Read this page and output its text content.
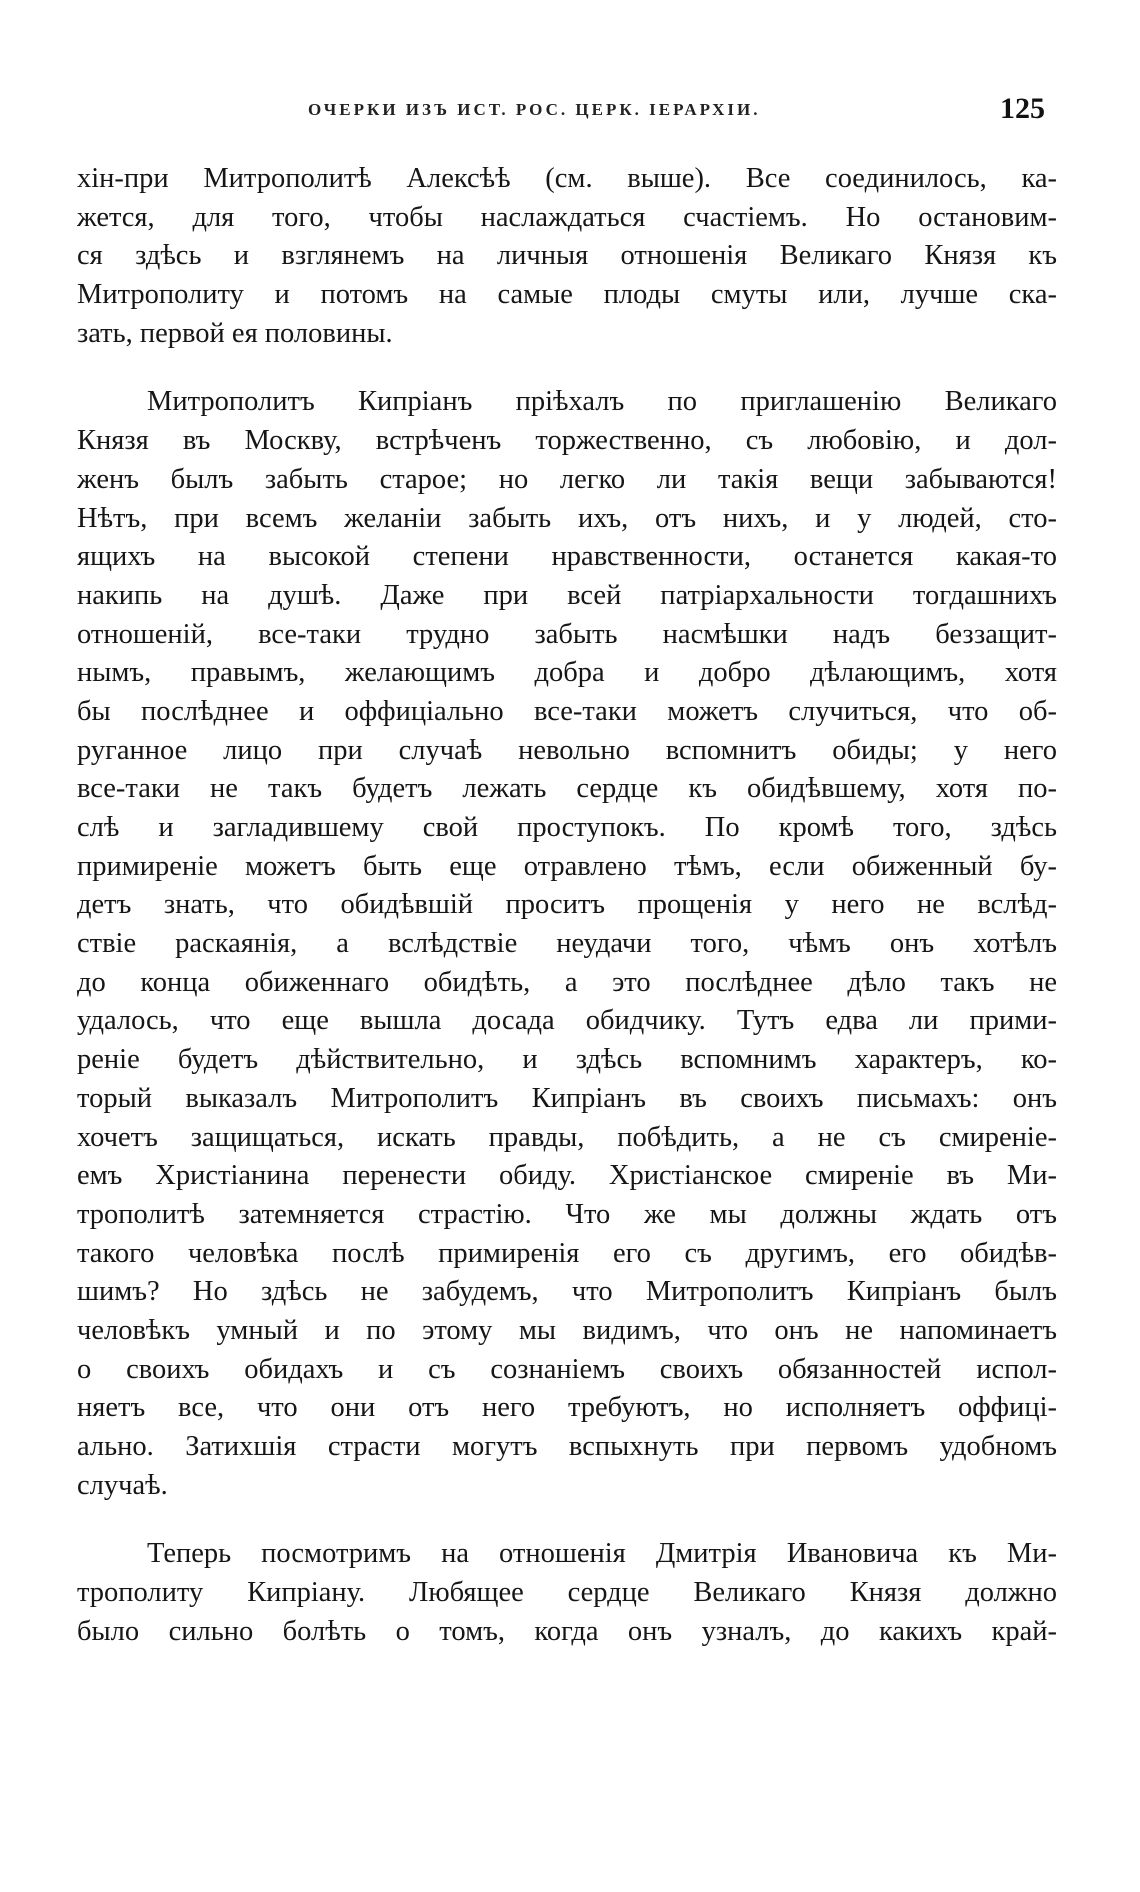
ОЧЕРКИ ИЗЪ ИСТ. РОС. ЦЕРК. ІЕРАРХІИ.	125
хін-при Митрополитѣ Алексѣѣ (см. выше). Все соединилось, ка-
жется, для того, чтобы наслаждаться счастіемъ. Но остановим-
ся здѣсь и взглянемъ на личныя отношенія Великаго Князя къ
Митрополиту и потомъ на самые плоды смуты или, лучше ска-
зать, первой ея половины.
Митрополитъ Кипріанъ пріѣхалъ по приглашенію Великаго
Князя въ Москву, встрѣченъ торжественно, съ любовію, и дол-
женъ былъ забыть старое; но легко ли такія вещи забываются!
Нѣтъ, при всемъ желаніи забыть ихъ, отъ нихъ, и у людей, сто-
ящихъ на высокой степени нравственности, останется какая-то
накипь на душѣ. Даже при всей патріархальности тогдашнихъ
отношеній, все-таки трудно забыть насмѣшки надъ беззащит-
нымъ, правымъ, желающимъ добра и добро дѣлающимъ, хотя
бы послѣднее и оффиціально все-таки можетъ случиться, что об-
руганное лицо при случаѣ невольно вспомнитъ обиды; у него
все-таки не такъ будетъ лежать сердце къ обидѣвшему, хотя по-
слѣ и загладившему свой проступокъ. По кромѣ того, здѣсь
примиреніе можетъ быть еще отравлено тѣмъ, если обиженный бу-
детъ знать, что обидѣвшій проситъ прощенія у него не вслѣд-
ствіе раскаянія, а вслѣдствіе неудачи того, чѣмъ онъ хотѣлъ
до конца обиженнаго обидѣть, а это послѣднее дѣло такъ не
удалось, что еще вышла досада обидчику. Тутъ едва ли прими-
реніе будетъ дѣйствительно, и здѣсь вспомнимъ характеръ, ко-
торый выказалъ Митрополитъ Кипріанъ въ своихъ письмахъ: онъ
хочетъ защищаться, искать правды, побѣдить, а не съ смиреніе-
емъ Христіанина перенести обиду. Христіанское смиреніе въ Ми-
трополитѣ затемняется страстію. Что же мы должны ждать отъ
такого человѣка послѣ примиренія его съ другимъ, его обидѣв-
шимъ? Но здѣсь не забудемъ, что Митрополитъ Кипріанъ былъ
человѣкъ умный и по этому мы видимъ, что онъ не напоминаетъ
о своихъ обидахъ и съ сознаніемъ своихъ обязанностей испол-
няетъ все, что они отъ него требуютъ, но исполняетъ оффиці-
ально. Затихшія страсти могутъ вспыхнуть при первомъ удобномъ
случаѣ.
Теперь посмотримъ на отношенія Дмитрія Ивановича къ Ми-
трополиту Кипріану. Любящее сердце Великаго Князя должно
было сильно болѣть о томъ, когда онъ узналъ, до какихъ край-
